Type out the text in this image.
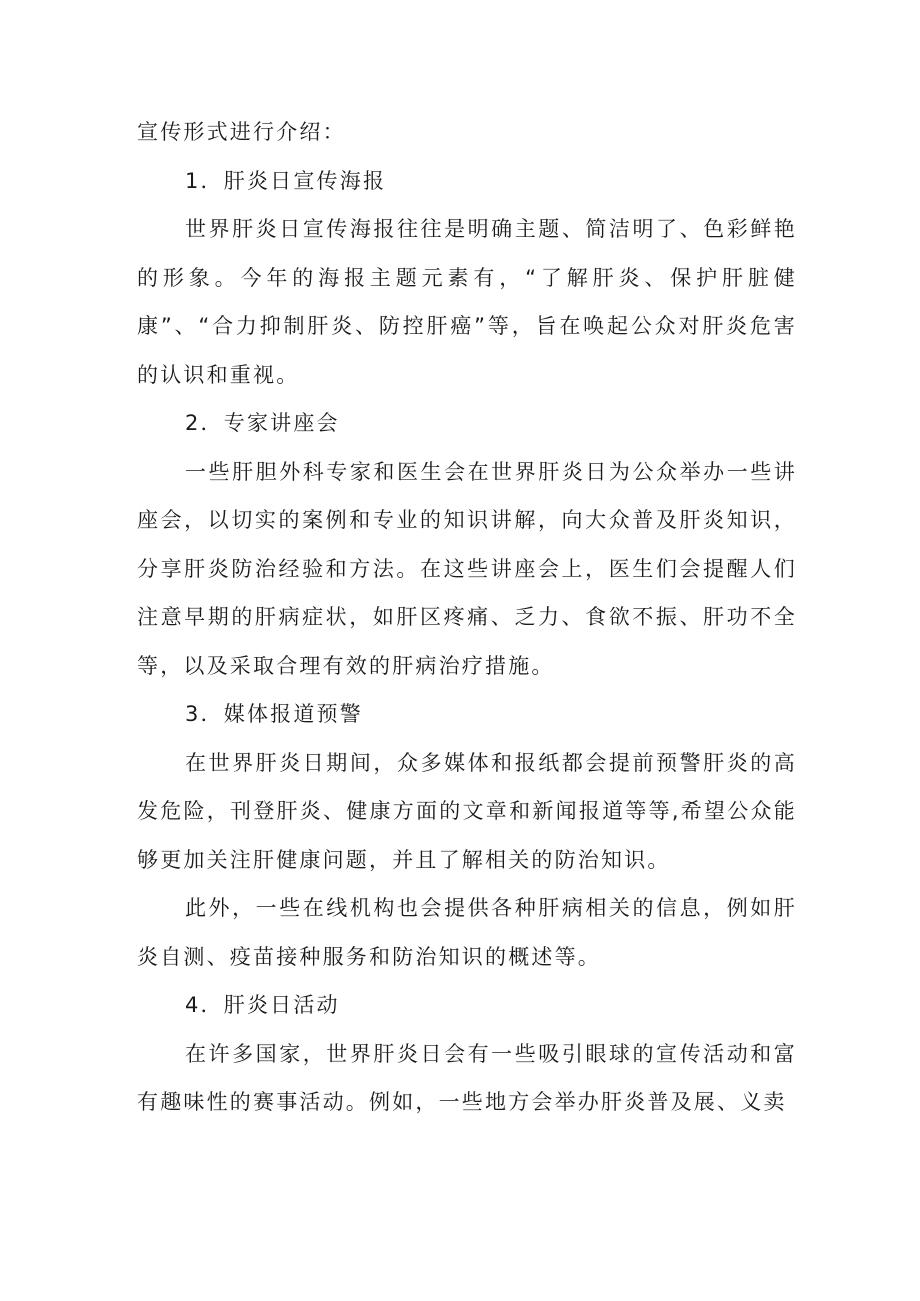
宣传形式进行介绍：

1．肝炎日宣传海报

世界肝炎日宣传海报往往是明确主题、简洁明了、色彩鲜艳的形象。今年的海报主题元素有，“了解肝炎、保护肝脏健康”、“合力抑制肝炎、防控肝癌”等，旨在唤起公众对肝炎危害的认识和重视。

2．专家讲座会

一些肝胆外科专家和医生会在世界肝炎日为公众举办一些讲座会，以切实的案例和专业的知识讲解，向大众普及肝炎知识，分享肝炎防治经验和方法。在这些讲座会上，医生们会提醒人们注意早期的肝病症状，如肝区疼痛、乏力、食欲不振、肝功不全等，以及采取合理有效的肝病治疗措施。

3．媒体报道预警

在世界肝炎日期间，众多媒体和报纸都会提前预警肝炎的高发危险，刊登肝炎、健康方面的文章和新闻报道等等,希望公众能够更加关注肝健康问题，并且了解相关的防治知识。

此外，一些在线机构也会提供各种肝病相关的信息，例如肝炎自测、疫苗接种服务和防治知识的概述等。

4．肝炎日活动

在许多国家，世界肝炎日会有一些吸引眼球的宣传活动和富有趣味性的赛事活动。例如，一些地方会举办肝炎普及展、义卖
